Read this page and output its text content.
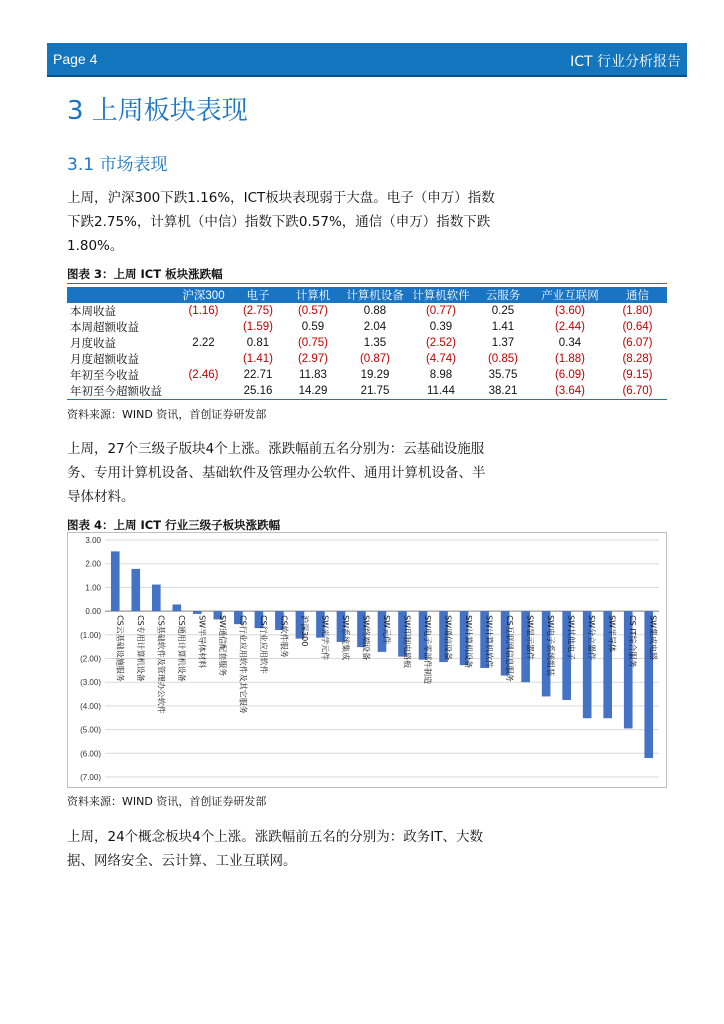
Page 4	ICT 行业分析报告
3 上周板块表现
3.1 市场表现
上周，沪深300下跌1.16%，ICT板块表现弱于大盘。电子（申万）指数下跌2.75%，计算机（中信）指数下跌0.57%，通信（申万）指数下跌1.80%。
图表 3：上周 ICT 板块涨跌幅
	沪深300	电子	计算机	计算机设备	计算机软件	云服务	产业互联网	通信
本周收益	(1.16)	(2.75)	(0.57)	0.88	(0.77)	0.25	(3.60)	(1.80)
本周超额收益		(1.59)	0.59	2.04	0.39	1.41	(2.44)	(0.64)
月度收益	2.22	0.81	(0.75)	1.35	(2.52)	1.37	0.34	(6.07)
月度超额收益		(1.41)	(2.97)	(0.87)	(4.74)	(0.85)	(1.88)	(8.28)
年初至今收益	(2.46)	22.71	11.83	19.29	8.98	35.75	(6.09)	(9.15)
年初至今超额收益		25.16	14.29	21.75	11.44	38.21	(3.64)	(6.70)
资料来源：WIND 资讯，首创证券研发部
上周，27个三级子版块4个上涨。涨跌幅前五名分别为：云基础设施服务、专用计算机设备、基础软件及管理办公软件、通用计算机设备、半导体材料。
图表 4：上周 ICT 行业三级子板块涨跌幅
3.00
2.00
1.00
0.00
(1.00)
(2.00)
(3.00)
(4.00)
(5.00)
(6.00)
(7.00)
CS云基础设施服务 CS专用计算机设备 CS基础软件及管理办公软件 CS通用计算机设备 SW半导体材料 SW通信配套服务 CS行业应用软件及其它服务 CS行业应用软件 CS软件服务 沪深300 SW光学元件 SW系统集成 SW终端设备 SW元件 SW印制电路板 SW电子零部件制造 SW通信设备 SW计算机设备 SW计算机软件 CS互联网信息服务 SW显示器件 SW电子系统组装 SW其他电子 SW分立器件 SW半导体 CS IT综合服务 SW集成电路
资料来源：WIND 资讯，首创证券研发部
上周，24个概念板块4个上涨。涨跌幅前五名的分别为：政务IT、大数据、网络安全、云计算、工业互联网。
